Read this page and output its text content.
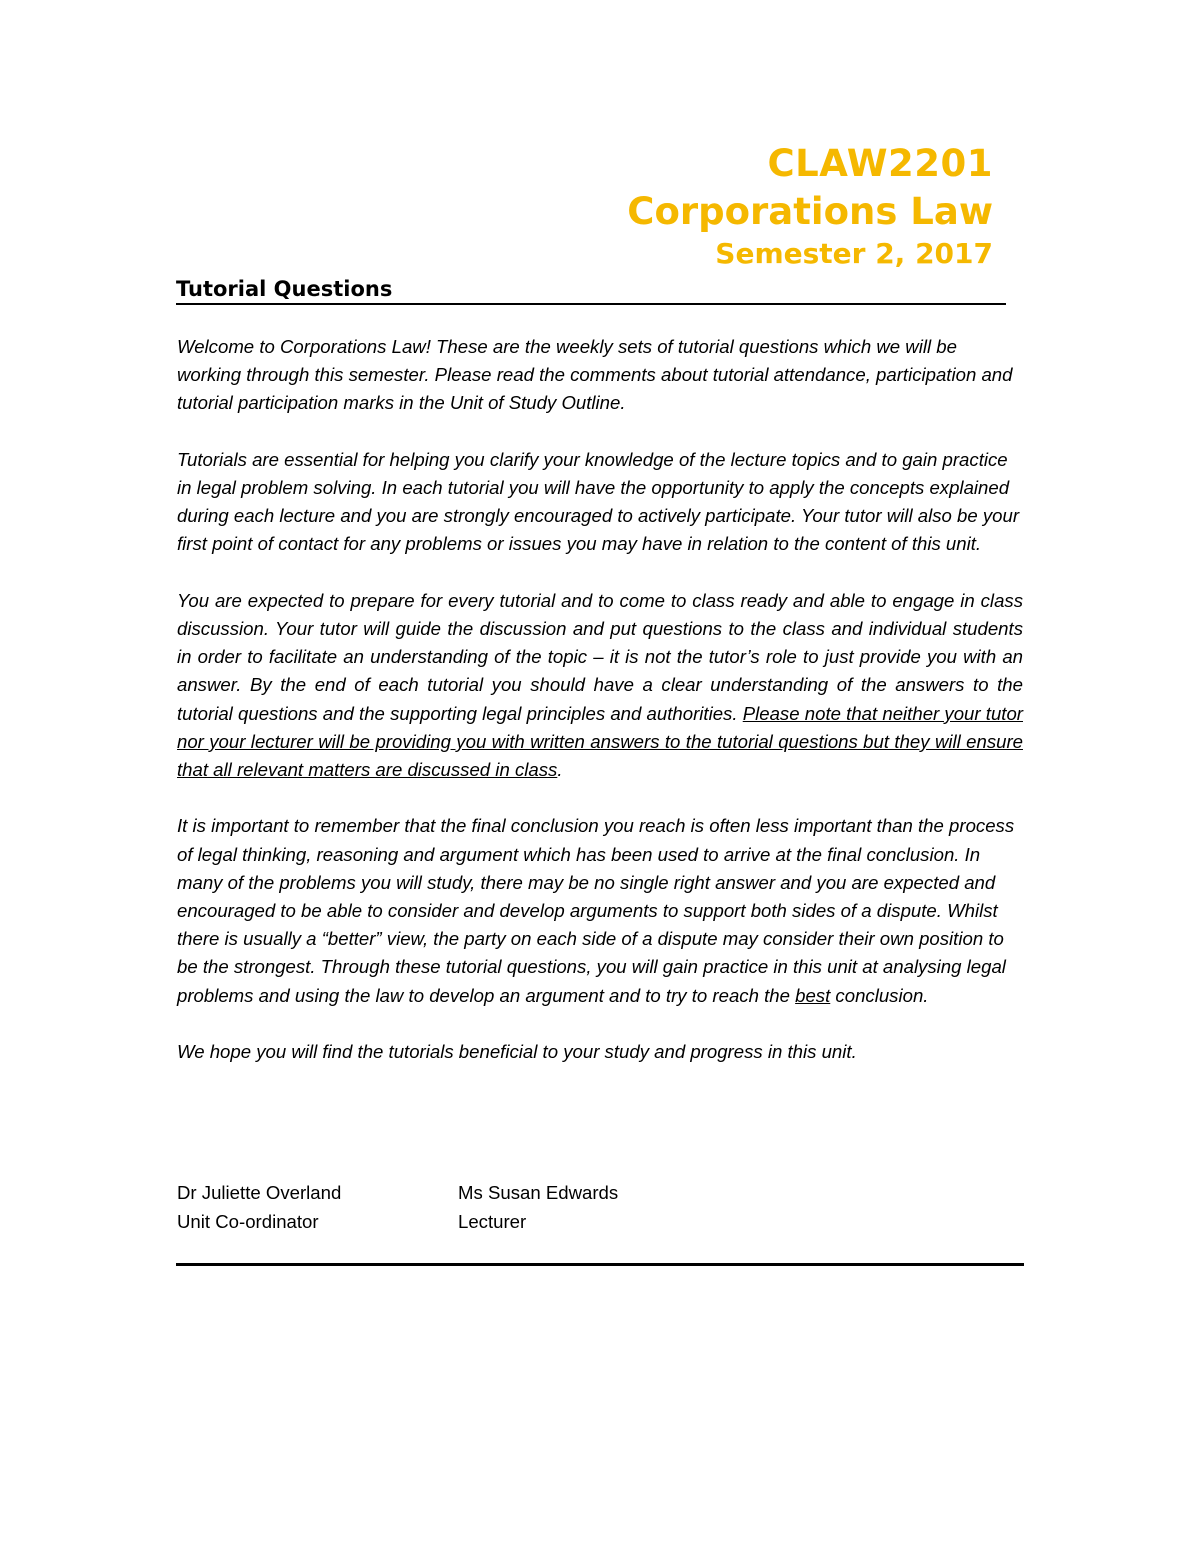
CLAW2201
Corporations Law
Semester 2, 2017
Tutorial Questions

Welcome to Corporations Law! These are the weekly sets of tutorial questions which we will be working through this semester. Please read the comments about tutorial attendance, participation and tutorial participation marks in the Unit of Study Outline.

Tutorials are essential for helping you clarify your knowledge of the lecture topics and to gain practice in legal problem solving. In each tutorial you will have the opportunity to apply the concepts explained during each lecture and you are strongly encouraged to actively participate. Your tutor will also be your first point of contact for any problems or issues you may have in relation to the content of this unit.

You are expected to prepare for every tutorial and to come to class ready and able to engage in class discussion. Your tutor will guide the discussion and put questions to the class and individual students in order to facilitate an understanding of the topic – it is not the tutor’s role to just provide you with an answer. By the end of each tutorial you should have a clear understanding of the answers to the tutorial questions and the supporting legal principles and authorities. Please note that neither your tutor nor your lecturer will be providing you with written answers to the tutorial questions but they will ensure that all relevant matters are discussed in class.

It is important to remember that the final conclusion you reach is often less important than the process of legal thinking, reasoning and argument which has been used to arrive at the final conclusion. In many of the problems you will study, there may be no single right answer and you are expected and encouraged to be able to consider and develop arguments to support both sides of a dispute. Whilst there is usually a “better” view, the party on each side of a dispute may consider their own position to be the strongest. Through these tutorial questions, you will gain practice in this unit at analysing legal problems and using the law to develop an argument and to try to reach the best conclusion.

We hope you will find the tutorials beneficial to your study and progress in this unit.

Dr Juliette Overland
Unit Co-ordinator
Ms Susan Edwards
Lecturer
